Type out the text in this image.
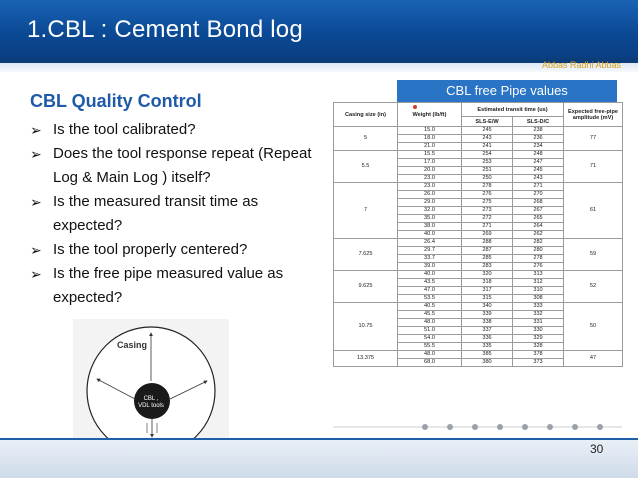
1.CBL : Cement Bond log
Abbas Radhi Abbas
CBL Quality Control
➢ Is the tool calibrated?
➢ Does the tool response repeat (Repeat Log & Main Log ) itself?
➢ Is the measured transit time as expected?
➢ Is the tool properly centered?
➢ Is the free pipe measured value as expected?
Casing
CBL , VDL tools
CBL free Pipe values
Casing size (in)	Weight (lb/ft)	Estimated transit time (us)		Expected free-pipe amplitude (mV)
		SLS-E/W	SLS-D/C	
5	15.0	245	238	77
	18.0	243	236	
	21.0	241	234	
5.5	15.5	254	248	71
	17.0	253	247	
	20.0	251	245	
	23.0	250	243	
7	23.0	278	271	61
	26.0	276	270	
	29.0	275	268	
	32.0	273	267	
	35.0	272	265	
	38.0	271	264	
	40.0	269	262	
7.625	26.4	288	282	59
	29.7	287	280	
	33.7	285	278	
	39.0	283	276	
9.625	40.0	320	313	52
	43.5	318	312	
	47.0	317	310	
	53.5	315	308	
10.75	40.5	340	333	50
	45.5	339	332	
	48.0	338	331	
	51.0	337	330	
	54.0	336	329	
	55.5	335	328	
13.375	48.0	385	378	47
	68.0	380	373	
30
